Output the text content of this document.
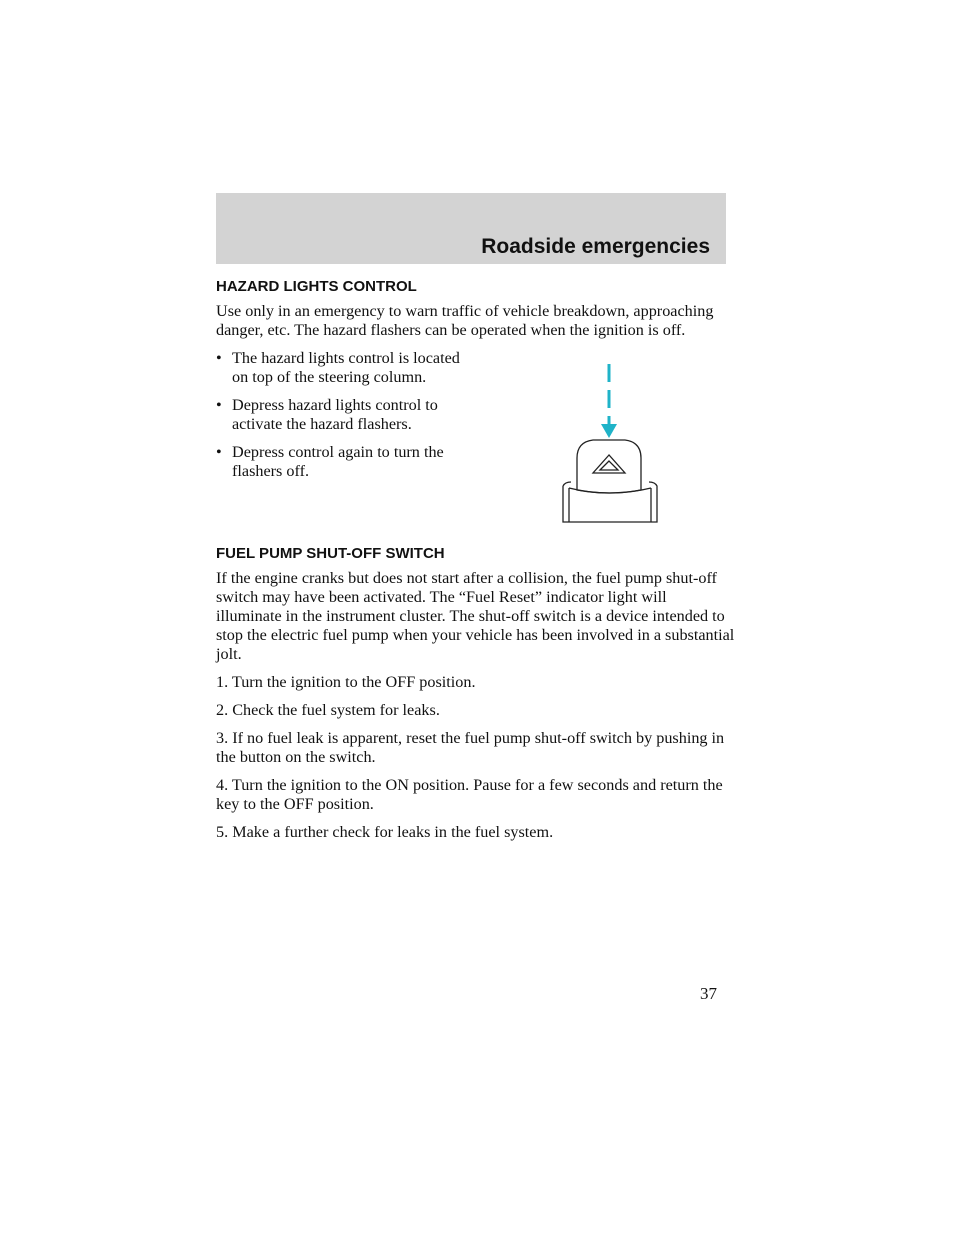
Roadside emergencies
HAZARD LIGHTS CONTROL

Use only in an emergency to warn traffic of vehicle breakdown, approaching danger, etc. The hazard flashers can be operated when the ignition is off.

• The hazard lights control is located on top of the steering column.
• Depress hazard lights control to activate the hazard flashers.
• Depress control again to turn the flashers off.
FUEL PUMP SHUT-OFF SWITCH

If the engine cranks but does not start after a collision, the fuel pump shut-off switch may have been activated. The “Fuel Reset” indicator light will illuminate in the instrument cluster. The shut-off switch is a device intended to stop the electric fuel pump when your vehicle has been involved in a substantial jolt.

1. Turn the ignition to the OFF position.

2. Check the fuel system for leaks.

3. If no fuel leak is apparent, reset the fuel pump shut-off switch by pushing in the button on the switch.

4. Turn the ignition to the ON position. Pause for a few seconds and return the key to the OFF position.

5. Make a further check for leaks in the fuel system.

37
